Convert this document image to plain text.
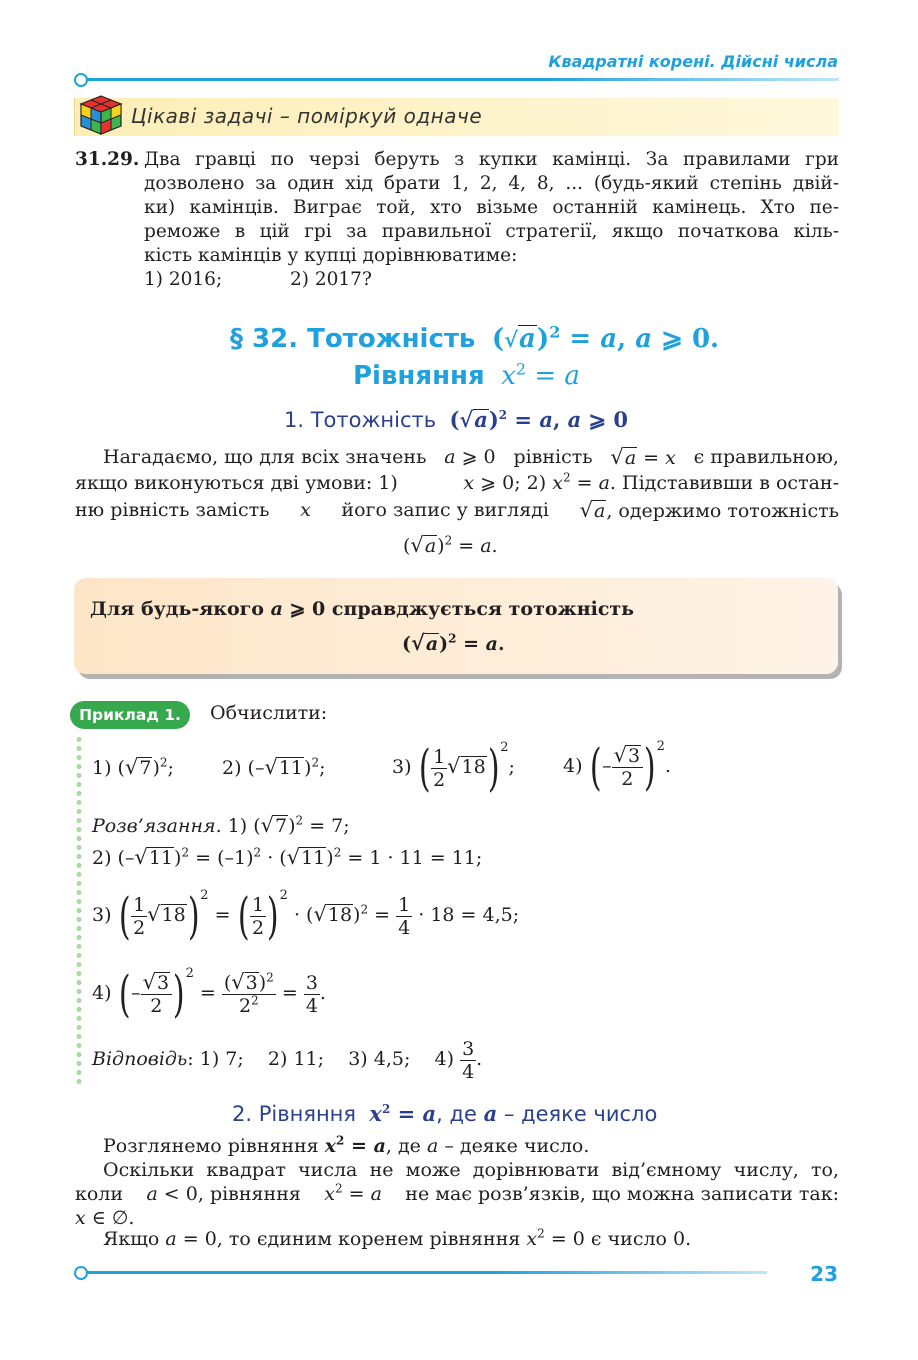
Квадратні корені. Дійсні числа
Цікаві задачі – поміркуй одначе
31.29. Два гравці по черзі беруть з купки камінці. За правилами гри
дозволено за один хід брати 1, 2, 4, 8, ... (будь-який степінь двій-
ки) камінців. Виграє той, хто візьме останній камінець. Хто пе-
реможе в цій грі за правильної стратегії, якщо початкова кіль-
кість камінців у купці дорівнюватиме:
1) 2016;	2) 2017?
§ 32. Тотожність $(√a)^2 = a$, a ⩾ 0.
Рівняння $x^2 = a$
1. Тотожність $(√a)^2 = a$, a ⩾ 0
Нагадаємо, що для всіх значень a ⩾ 0 рівність √a = x є правильною,
якщо виконуються дві умови: 1)	x ⩾ 0; 2) $x^2 = a$. Підставивши в остан-
ню рівність замість x його запис у вигляді √a, одержимо тотожність
$(√a)^2 = a$.
Для будь-якого a ⩾ 0 справджується тотожність
$(√a)^2 = a$.
Приклад 1.	Обчислити:
1) $(√7)^2$;	2) $(-√11)^2$;	3) ( $\frac{1}{2} √18)^2$;	4) (– $\frac{√3}{2} )^2$.
Розв’язання. 1) $(√7)^2 = 7$;
2) $(-√11)^2 = (-1)^2 \cdot (√11)^2 = 1 \cdot 11 = 11$;
3) ( $\frac{1}{2} √18)^2$ = ( $\frac{1}{2} )^2 \cdot (√18)^2 = \frac{1}{4} \cdot 18 = 4,5$;
4) (– $\frac{√3}{2} )^2 = \frac{(√3)^2}{2^2} = \frac{3}{4}$ .
Відповідь: 1) 7;    2) 11;    3) 4,5;    $4) \frac{3}{4}$ .
2. Рівняння $x^2 = a$, де a – деяке число
Розглянемо рівняння $x^2 = a$, де a – деяке число.
Оскільки квадрат числа не може дорівнювати від’ємному числу, то,
коли a < 0, рівняння $x^2 = a$ не має розв’язків, що можна записати так:
x ∈ ∅.
Якщо a = 0, то єдиним коренем рівняння $x^2 = 0$ є число 0.
23
